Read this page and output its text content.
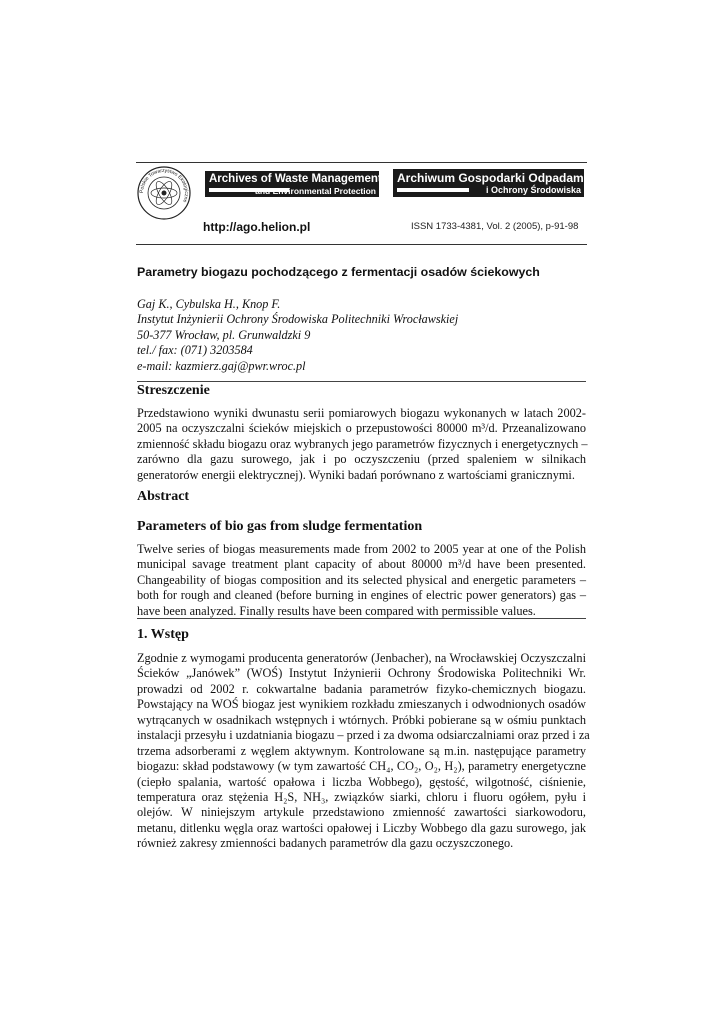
Polskie Towarzystwo Ekologiczne
Archives of Waste Management
and Environmental Protection
Archiwum Gospodarki Odpadami
i Ochrony Środowiska
http://ago.helion.pl	ISSN 1733-4381, Vol. 2 (2005), p-91-98
Parametry biogazu pochodzącego z fermentacji osadów ściekowych
Gaj K., Cybulska H., Knop F.
Instytut Inżynierii Ochrony Środowiska Politechniki Wrocławskiej
50-377 Wrocław, pl. Grunwaldzki 9
tel./ fax: (071) 3203584
e-mail: kazmierz.gaj@pwr.wroc.pl
Streszczenie
Przedstawiono wyniki dwunastu serii pomiarowych biogazu wykonanych w latach 2002-
2005 na oczyszczalni ścieków miejskich o przepustowości 80000 m³/d. Przeanalizowano
zmienność składu biogazu oraz wybranych jego parametrów fizycznych i energetycznych –
zarówno dla gazu surowego, jak i po oczyszczeniu (przed spaleniem w silnikach
generatorów energii elektrycznej). Wyniki badań porównano z wartościami granicznymi.
Abstract
Parameters of bio gas from sludge fermentation
Twelve series of biogas measurements made from 2002 to 2005 year at one of the Polish
municipal savage treatment plant capacity of about 80000 m³/d have been presented.
Changeability of biogas composition and its selected physical and energetic parameters –
both for rough and cleaned (before burning in engines of electric power generators) gas –
have been analyzed. Finally results have been compared with permissible values.
1. Wstęp
Zgodnie z wymogami producenta generatorów (Jenbacher), na Wrocławskiej Oczyszczalni
Ścieków „Janówek” (WOŚ) Instytut Inżynierii Ochrony Środowiska Politechniki Wr.
prowadzi od 2002 r. cokwartalne badania parametrów fizyko-chemicznych biogazu.
Powstający na WOŚ biogaz jest wynikiem rozkładu zmieszanych i odwodnionych osadów
wytrącanych w osadnikach wstępnych i wtórnych. Próbki pobierane są w ośmiu punktach
instalacji przesyłu i uzdatniania biogazu – przed i za dwoma odsiarczalniami oraz przed i za
trzema adsorberami z węglem aktywnym. Kontrolowane są m.in. następujące parametry
biogazu: skład podstawowy (w tym zawartość CH₄, CO₂, O₂, H₂), parametry energetyczne
(ciepło spalania, wartość opałowa i liczba Wobbego), gęstość, wilgotność, ciśnienie,
temperatura oraz stężenia H₂S, NH₃, związków siarki, chloru i fluoru ogółem, pyłu i
olejów. W niniejszym artykule przedstawiono zmienność zawartości siarkowodoru,
metanu, ditlenku węgla oraz wartości opałowej i Liczby Wobbego dla gazu surowego, jak
również zakresy zmienności badanych parametrów dla gazu oczyszczonego.
